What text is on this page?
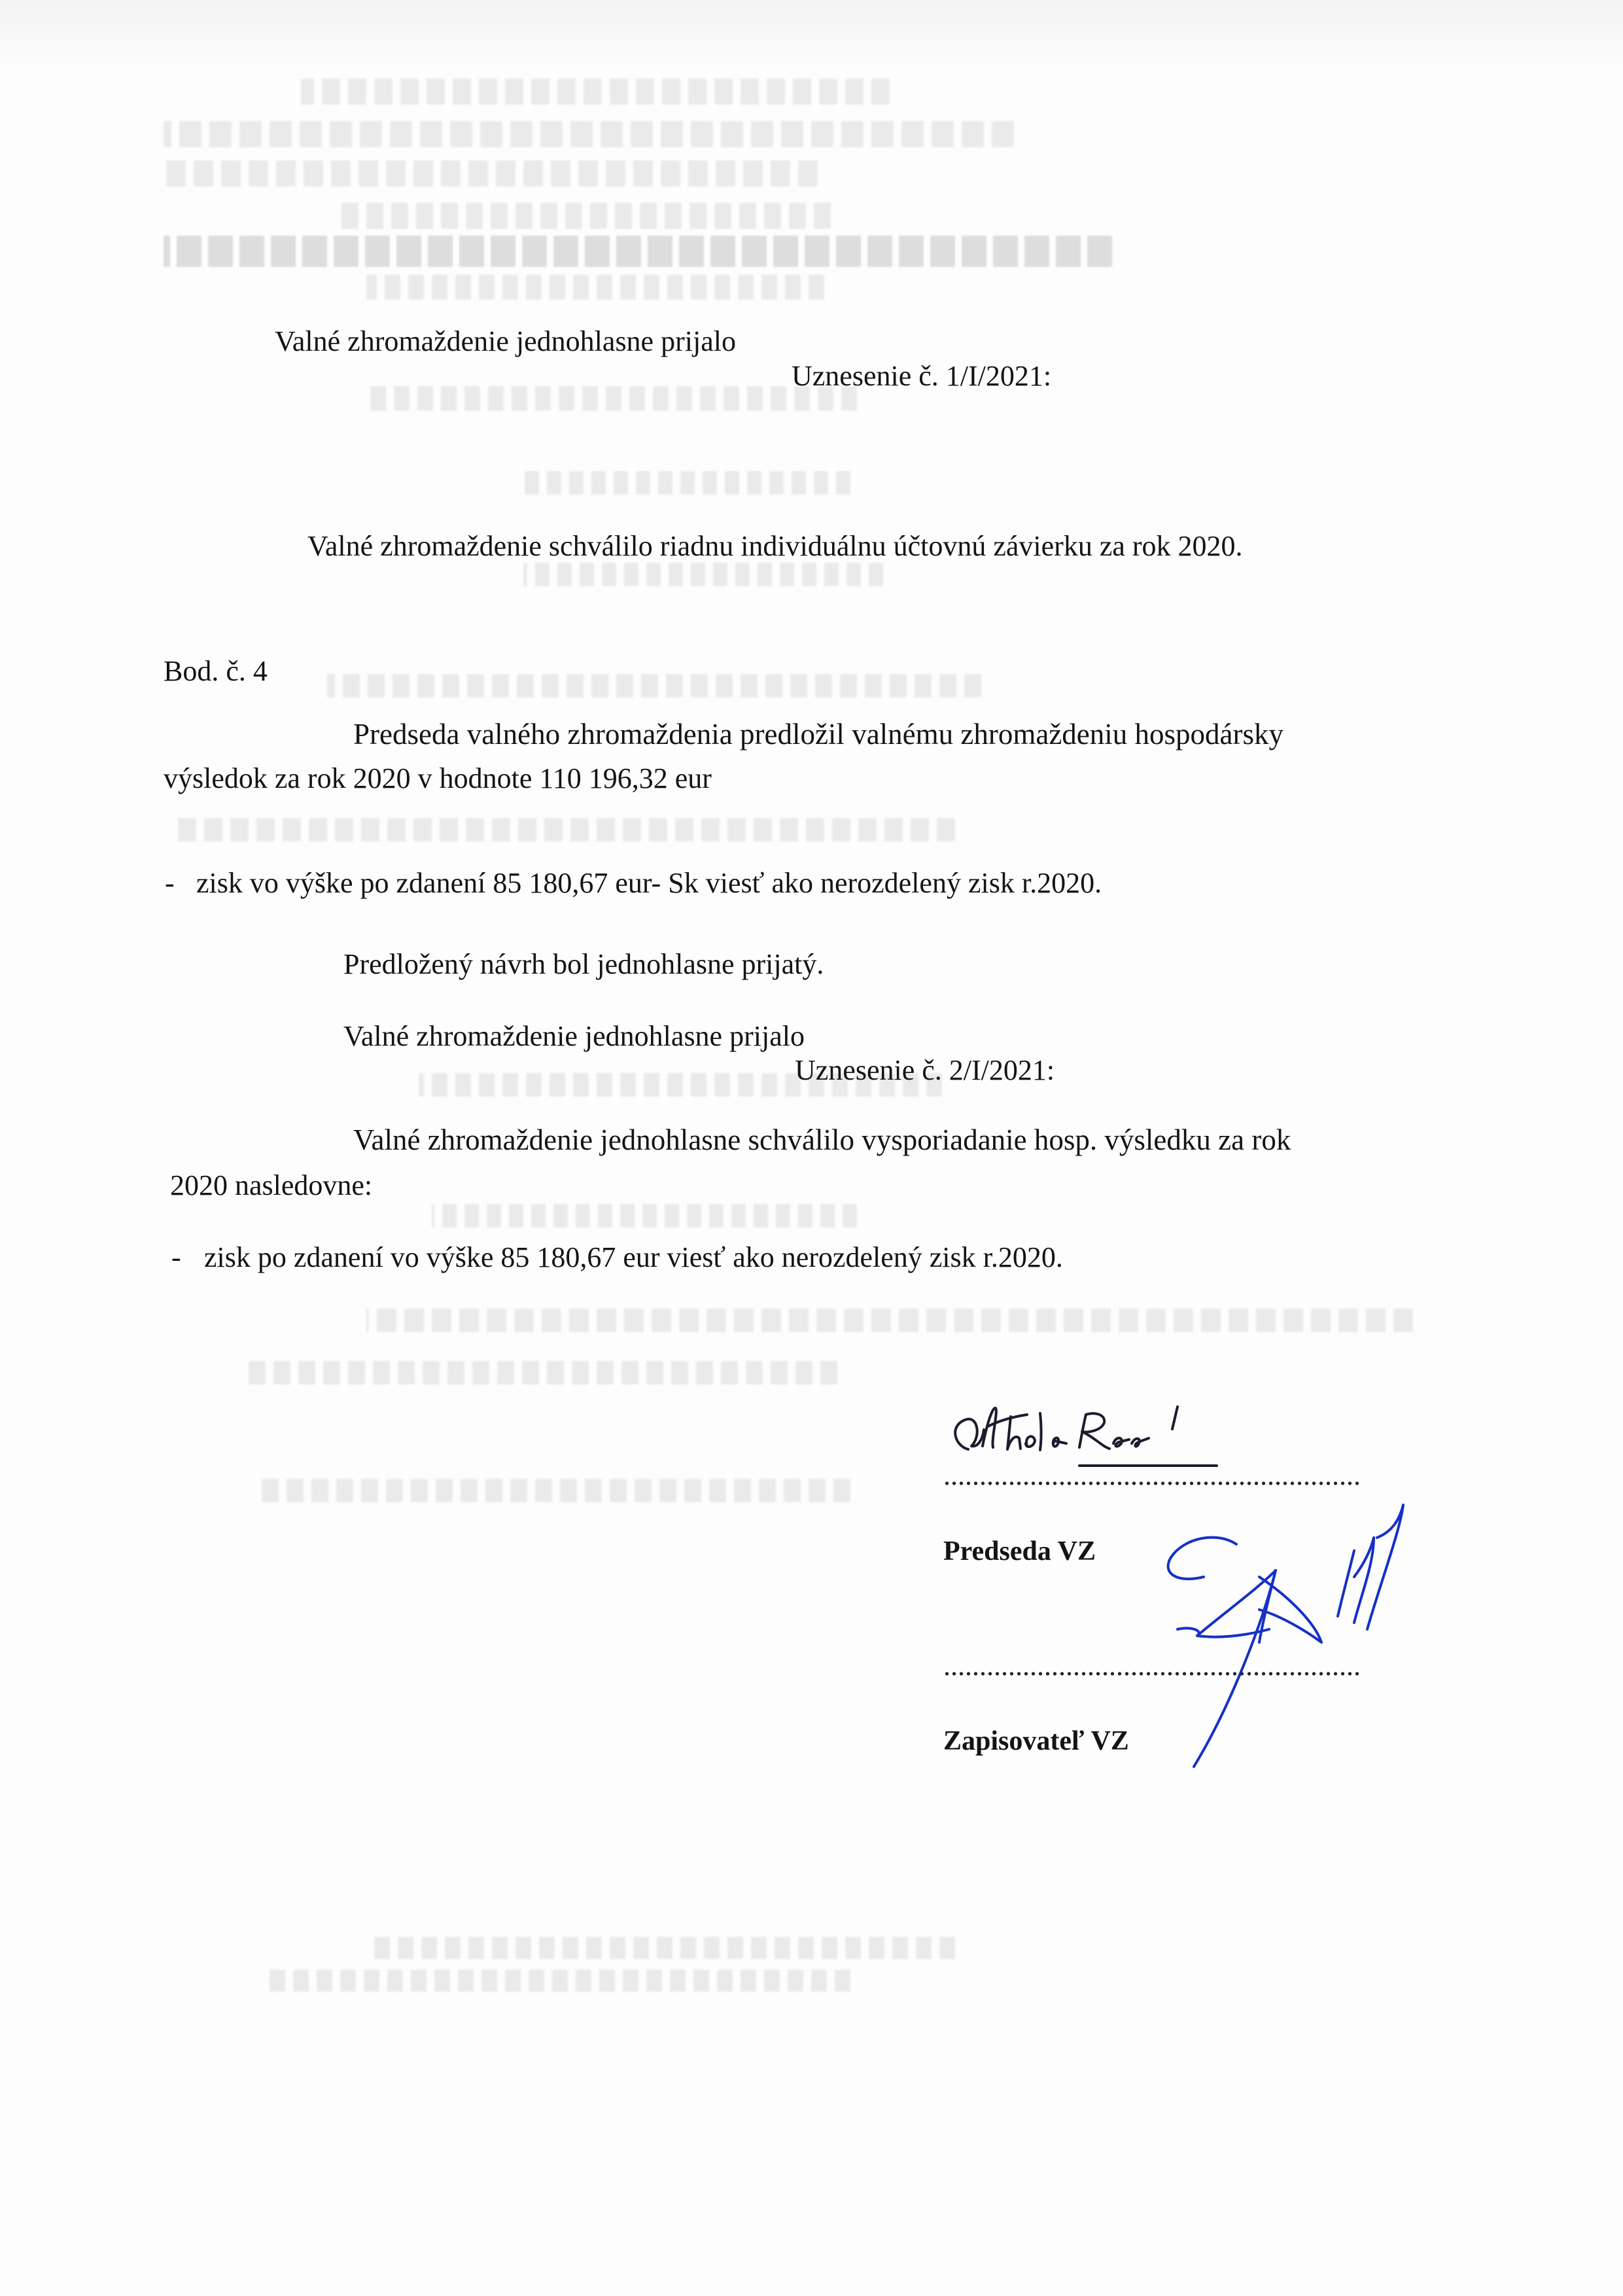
Valné zhromaždenie jednohlasne prijalo
Uznesenie č. 1/I/2021:
Valné zhromaždenie schválilo riadnu individuálnu účtovnú závierku za rok 2020.
Bod. č. 4
Predseda valného zhromaždenia predložil valnému zhromaždeniu hospodársky
výsledok za rok 2020 v hodnote 110 196,32 eur
- zisk vo výške po zdanení 85 180,67 eur- Sk viesť ako nerozdelený zisk r.2020.
Predložený návrh bol jednohlasne prijatý.
Valné zhromaždenie jednohlasne prijalo
Uznesenie č. 2/I/2021:
Valné zhromaždenie jednohlasne schválilo vysporiadanie hosp. výsledku za rok
2020 nasledovne:
- zisk po zdanení vo výške 85 180,67 eur viesť ako nerozdelený zisk r.2020.
Predseda VZ
Zapisovateľ VZ
